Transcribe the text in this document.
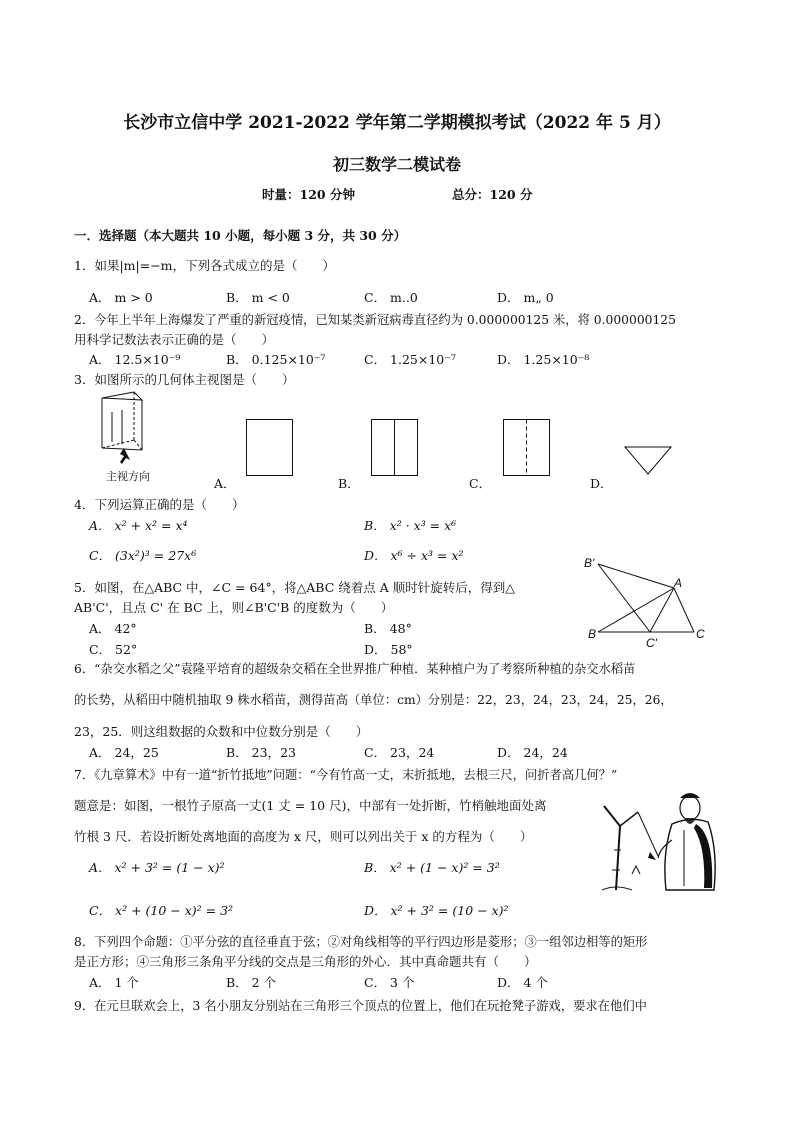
长沙市立信中学 2021-2022 学年第二学期模拟考试（2022 年 5 月）
初三数学二模试卷
时量：120 分钟	总分：120 分
一．选择题（本大题共 10 小题，每小题 3 分，共 30 分）
1．如果|m|=−m，下列各式成立的是（　　）
A． m > 0	B． m < 0	C． m..0	D． m„ 0
2．今年上半年上海爆发了严重的新冠疫情，已知某类新冠病毒直径约为 0.000000125 米，将 0.000000125
用科学记数法表示正确的是（　　）
A． 12.5×10⁻⁹	B． 0.125×10⁻⁷	C． 1.25×10⁻⁷	D． 1.25×10⁻⁸
3．如图所示的几何体主视图是（　　）
主视方向	A．	B．	C．	D．
4．下列运算正确的是（　　）
A． x² + x² = x⁴	B． x² · x³ = x⁶
C． (3x²)³ = 27x⁶	D． x⁶ ÷ x³ = x²
5．如图，在△ABC 中，∠C = 64°，将△ABC 绕着点 A 顺时针旋转后，得到△
AB'C'，且点 C' 在 BC 上，则∠B'C'B 的度数为（　　）
A． 42°	B． 48°
C． 52°	D． 58°
B'
A
B
C'
C
6．“杂交水稻之父”袁隆平培育的超级杂交稻在全世界推广种植．某种植户为了考察所种植的杂交水稻苗
的长势，从稻田中随机抽取 9 株水稻苗，测得苗高（单位：cm）分别是：22，23，24，23，24，25，26，
23，25．则这组数据的众数和中位数分别是（　　）
A． 24，25	B． 23，23	C． 23，24	D． 24，24
7．《九章算术》中有一道“折竹抵地”问题：“今有竹高一丈，末折抵地，去根三尺，问折者高几何？”
题意是：如图，一根竹子原高一丈(1 丈 = 10 尺)，中部有一处折断，竹梢触地面处离
竹根 3 尺．若设折断处离地面的高度为 x 尺，则可以列出关于 x 的方程为（　　）
A． x² + 3² = (1 − x)²	B． x² + (1 − x)² = 3²
C． x² + (10 − x)² = 3²	D． x² + 3² = (10 − x)²
8．下列四个命题：①平分弦的直径垂直于弦；②对角线相等的平行四边形是菱形；③一组邻边相等的矩形
是正方形；④三角形三条角平分线的交点是三角形的外心．其中真命题共有（　　）
A． 1 个	B． 2 个	C． 3 个	D． 4 个
9．在元旦联欢会上，3 名小朋友分别站在三角形三个顶点的位置上，他们在玩抢凳子游戏，要求在他们中
